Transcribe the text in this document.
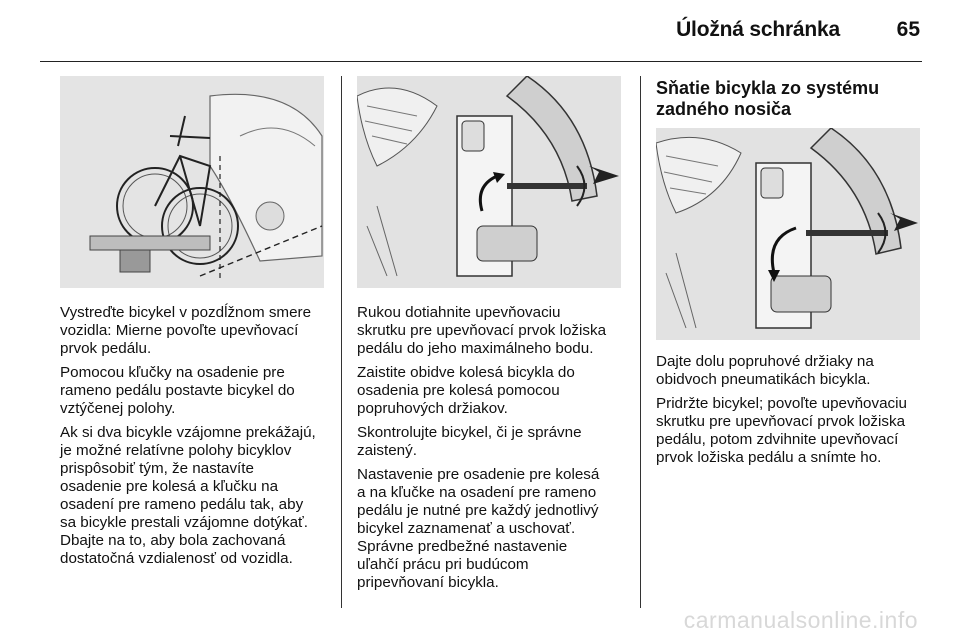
Úložná schránka	65

Vystreďte bicykel v pozdĺžnom smere
vozidla: Mierne povoľte upevňovací
prvok pedálu.

Pomocou kľučky na osadenie pre
rameno pedálu postavte bicykel do
vztýčenej polohy.

Ak si dva bicykle vzájomne prekážajú,
je možné relatívne polohy bicyklov
prispôsobiť tým, že nastavíte
osadenie pre kolesá a kľučku na
osadení pre rameno pedálu tak, aby
sa bicykle prestali vzájomne dotýkať.
Dbajte na to, aby bola zachovaná
dostatočná vzdialenosť od vozidla.

Rukou dotiahnite upevňovaciu
skrutku pre upevňovací prvok ložiska
pedálu do jeho maximálneho bodu.

Zaistite obidve kolesá bicykla do
osadenia pre kolesá pomocou
popruhových držiakov.

Skontrolujte bicykel, či je správne
zaistený.

Nastavenie pre osadenie pre kolesá
a na kľučke na osadení pre rameno
pedálu je nutné pre každý jednotlivý
bicykel zaznamenať a uschovať.
Správne predbežné nastavenie
uľahčí prácu pri budúcom
pripevňovaní bicykla.

Sňatie bicykla zo systému
zadného nosiča

Dajte dolu popruhové držiaky na
obidvoch pneumatikách bicykla.

Pridržte bicykel; povoľte upevňovaciu
skrutku pre upevňovací prvok ložiska
pedálu, potom zdvihnite upevňovací
prvok ložiska pedálu a snímte ho.

carmanualsonline.info
